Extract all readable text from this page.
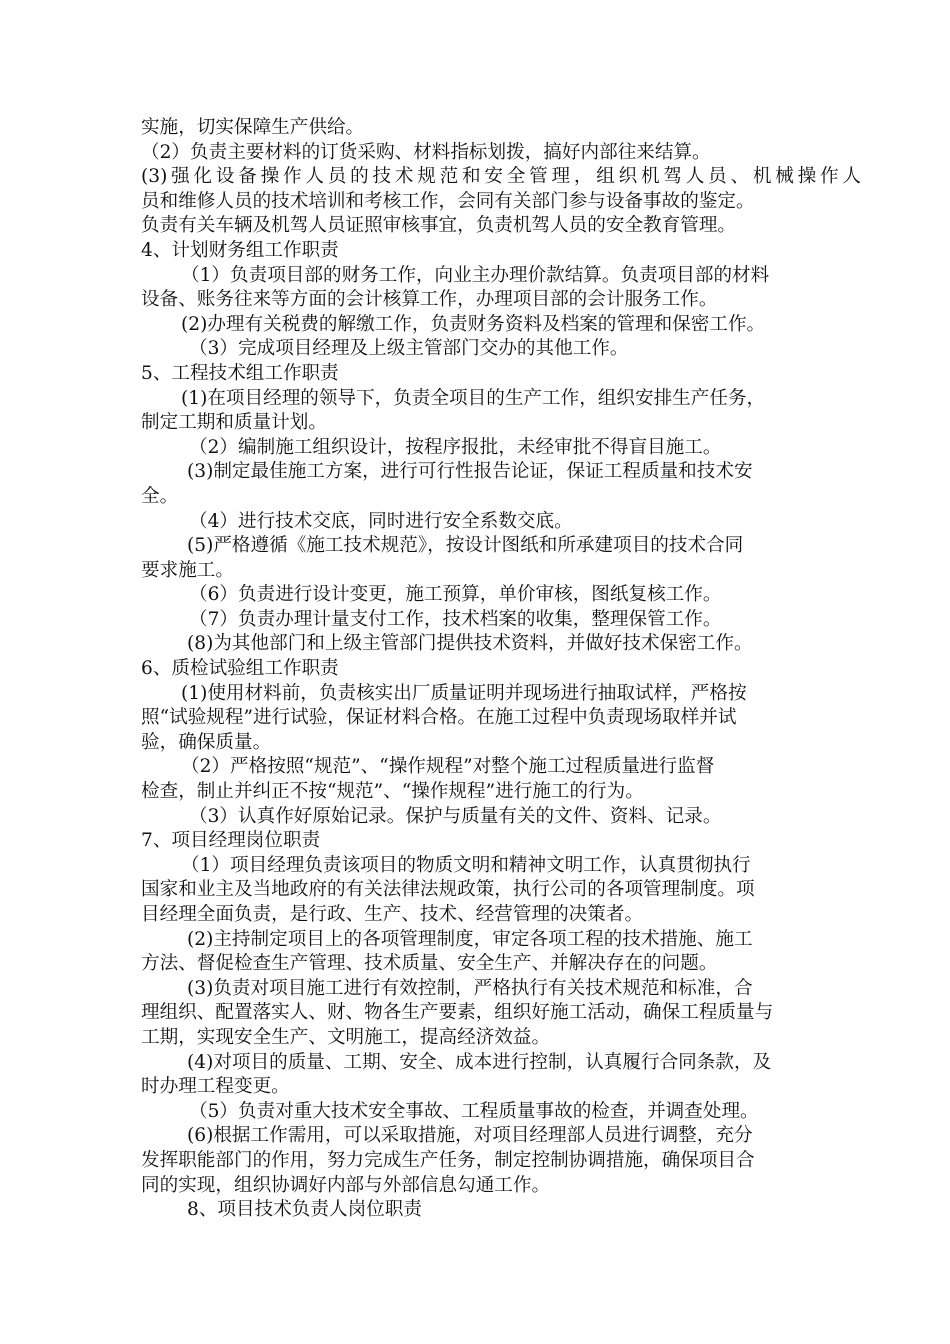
实施，切实保障生产供给。
（2）负责主要材料的订货采购、材料指标划拨，搞好内部往来结算。
(3)强化设备操作人员的技术规范和安全管理，组织机驾人员、机械操作人
员和维修人员的技术培训和考核工作，会同有关部门参与设备事故的鉴定。
负责有关车辆及机驾人员证照审核事宜，负责机驾人员的安全教育管理。
4、计划财务组工作职责
（1）负责项目部的财务工作，向业主办理价款结算。负责项目部的材料
设备、账务往来等方面的会计核算工作，办理项目部的会计服务工作。
(2)办理有关税费的解缴工作，负责财务资料及档案的管理和保密工作。
（3）完成项目经理及上级主管部门交办的其他工作。
5、工程技术组工作职责
(1)在项目经理的领导下，负责全项目的生产工作，组织安排生产任务，
制定工期和质量计划。
（2）编制施工组织设计，按程序报批，未经审批不得盲目施工。
(3)制定最佳施工方案，进行可行性报告论证，保证工程质量和技术安
全。
（4）进行技术交底，同时进行安全系数交底。
(5)严格遵循《施工技术规范》，按设计图纸和所承建项目的技术合同
要求施工。
（6）负责进行设计变更，施工预算，单价审核，图纸复核工作。
（7）负责办理计量支付工作，技术档案的收集，整理保管工作。
(8)为其他部门和上级主管部门提供技术资料，并做好技术保密工作。
6、质检试验组工作职责
(1)使用材料前，负责核实出厂质量证明并现场进行抽取试样，严格按
照“试验规程”进行试验，保证材料合格。在施工过程中负责现场取样并试
验，确保质量。
（2）严格按照“规范”、“操作规程”对整个施工过程质量进行监督
检查，制止并纠正不按“规范”、“操作规程”进行施工的行为。
（3）认真作好原始记录。保护与质量有关的文件、资料、记录。
7、项目经理岗位职责
（1）项目经理负责该项目的物质文明和精神文明工作，认真贯彻执行
国家和业主及当地政府的有关法律法规政策，执行公司的各项管理制度。项
目经理全面负责，是行政、生产、技术、经营管理的决策者。
(2)主持制定项目上的各项管理制度，审定各项工程的技术措施、施工
方法、督促检查生产管理、技术质量、安全生产、并解决存在的问题。
(3)负责对项目施工进行有效控制，严格执行有关技术规范和标准，合
理组织、配置落实人、财、物各生产要素，组织好施工活动，确保工程质量与
工期，实现安全生产、文明施工，提高经济效益。
(4)对项目的质量、工期、安全、成本进行控制，认真履行合同条款，及
时办理工程变更。
（5）负责对重大技术安全事故、工程质量事故的检查，并调查处理。
(6)根据工作需用，可以采取措施，对项目经理部人员进行调整，充分
发挥职能部门的作用，努力完成生产任务，制定控制协调措施，确保项目合
同的实现，组织协调好内部与外部信息勾通工作。
8、项目技术负责人岗位职责
